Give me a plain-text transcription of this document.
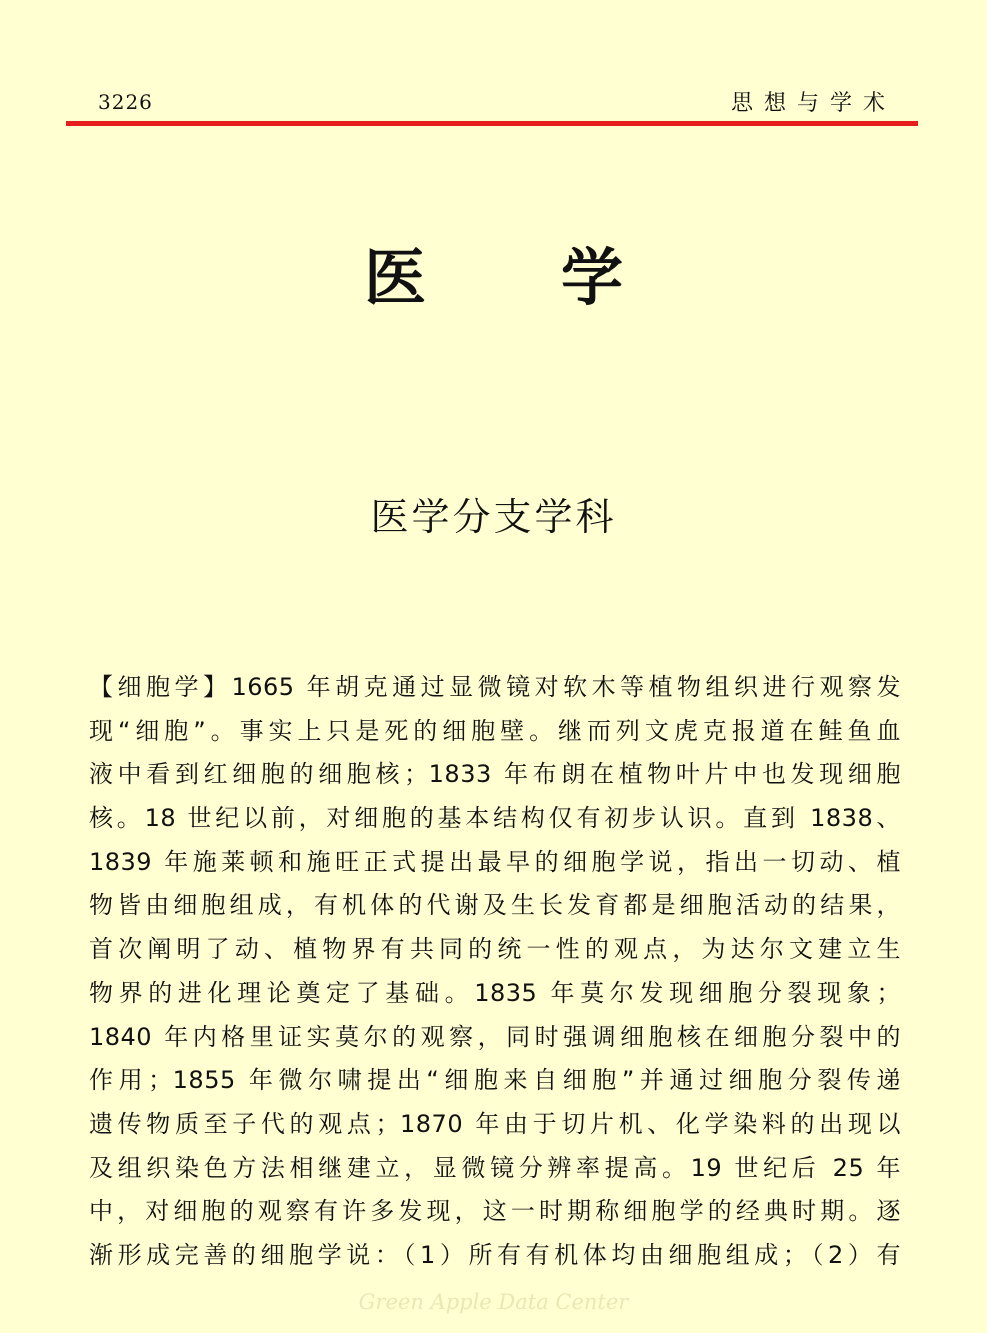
3226	思想与学术
医学
医学分支学科
【细胞学】1665 年胡克通过显微镜对软木等植物组织进行观察发
现“细胞”。事实上只是死的细胞壁。继而列文虎克报道在鲑鱼血
液中看到红细胞的细胞核；1833 年布朗在植物叶片中也发现细胞
核。18 世纪以前，对细胞的基本结构仅有初步认识。直到 1838、
1839 年施莱顿和施旺正式提出最早的细胞学说，指出一切动、植
物皆由细胞组成，有机体的代谢及生长发育都是细胞活动的结果，
首次阐明了动、植物界有共同的统一性的观点，为达尔文建立生
物界的进化理论奠定了基础。1835 年莫尔发现细胞分裂现象；
1840 年内格里证实莫尔的观察，同时强调细胞核在细胞分裂中的
作用；1855 年微尔啸提出“细胞来自细胞”并通过细胞分裂传递
遗传物质至子代的观点；1870 年由于切片机、化学染料的出现以
及组织染色方法相继建立，显微镜分辨率提高。19 世纪后 25 年
中，对细胞的观察有许多发现，这一时期称细胞学的经典时期。逐
渐形成完善的细胞学说：（1）所有有机体均由细胞组成；（2）有
Green Apple Data Center
